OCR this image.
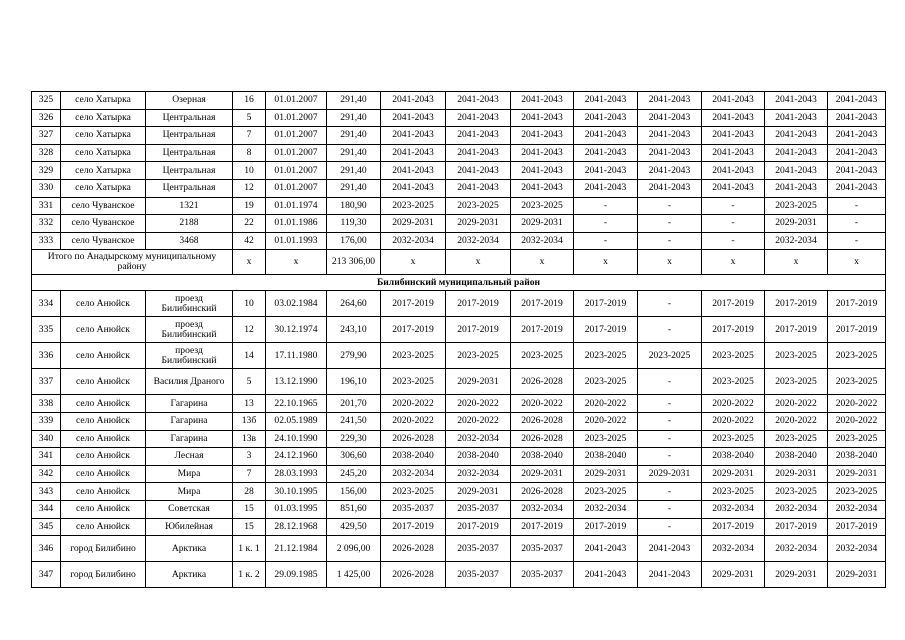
325	село Хатырка	Озерная	16	01.01.2007	291,40	2041-2043	2041-2043	2041-2043	2041-2043	2041-2043	2041-2043	2041-2043	2041-2043
326	село Хатырка	Центральная	5	01.01.2007	291,40	2041-2043	2041-2043	2041-2043	2041-2043	2041-2043	2041-2043	2041-2043	2041-2043
327	село Хатырка	Центральная	7	01.01.2007	291,40	2041-2043	2041-2043	2041-2043	2041-2043	2041-2043	2041-2043	2041-2043	2041-2043
328	село Хатырка	Центральная	8	01.01.2007	291,40	2041-2043	2041-2043	2041-2043	2041-2043	2041-2043	2041-2043	2041-2043	2041-2043
329	село Хатырка	Центральная	10	01.01.2007	291,40	2041-2043	2041-2043	2041-2043	2041-2043	2041-2043	2041-2043	2041-2043	2041-2043
330	село Хатырка	Центральная	12	01.01.2007	291,40	2041-2043	2041-2043	2041-2043	2041-2043	2041-2043	2041-2043	2041-2043	2041-2043
331	село Чуванское	1321	19	01.01.1974	180,90	2023-2025	2023-2025	2023-2025	-	-	-	2023-2025	-
332	село Чуванское	2188	22	01.01.1986	119,30	2029-2031	2029-2031	2029-2031	-	-	-	2029-2031	-
333	село Чуванское	3468	42	01.01.1993	176,00	2032-2034	2032-2034	2032-2034	-	-	-	2032-2034	-
Итого по Анадырскому муниципальному району			х	х	213 306,00	х	х	х	х	х	х	х	х
Билибинский муниципальный район													
334	село Анюйск	проезд Билибинский	10	03.02.1984	264,60	2017-2019	2017-2019	2017-2019	2017-2019	-	2017-2019	2017-2019	2017-2019
335	село Анюйск	проезд Билибинский	12	30.12.1974	243,10	2017-2019	2017-2019	2017-2019	2017-2019	-	2017-2019	2017-2019	2017-2019
336	село Анюйск	проезд Билибинский	14	17.11.1980	279,90	2023-2025	2023-2025	2023-2025	2023-2025	2023-2025	2023-2025	2023-2025	2023-2025
337	село Анюйск	Василия Драного	5	13.12.1990	196,10	2023-2025	2029-2031	2026-2028	2023-2025	-	2023-2025	2023-2025	2023-2025
338	село Анюйск	Гагарина	13	22.10.1965	201,70	2020-2022	2020-2022	2020-2022	2020-2022	-	2020-2022	2020-2022	2020-2022
339	село Анюйск	Гагарина	13б	02.05.1989	241,50	2020-2022	2020-2022	2026-2028	2020-2022	-	2020-2022	2020-2022	2020-2022
340	село Анюйск	Гагарина	13в	24.10.1990	229,30	2026-2028	2032-2034	2026-2028	2023-2025	-	2023-2025	2023-2025	2023-2025
341	село Анюйск	Лесная	3	24.12.1960	306,60	2038-2040	2038-2040	2038-2040	2038-2040	-	2038-2040	2038-2040	2038-2040
342	село Анюйск	Мира	7	28.03.1993	245,20	2032-2034	2032-2034	2029-2031	2029-2031	2029-2031	2029-2031	2029-2031	2029-2031
343	село Анюйск	Мира	28	30.10.1995	156,00	2023-2025	2029-2031	2026-2028	2023-2025	-	2023-2025	2023-2025	2023-2025
344	село Анюйск	Советская	15	01.03.1995	851,60	2035-2037	2035-2037	2032-2034	2032-2034	-	2032-2034	2032-2034	2032-2034
345	село Анюйск	Юбилейная	15	28.12.1968	429,50	2017-2019	2017-2019	2017-2019	2017-2019	-	2017-2019	2017-2019	2017-2019
346	город Билибино	Арктика	1 к. 1	21.12.1984	2 096,00	2026-2028	2035-2037	2035-2037	2041-2043	2041-2043	2032-2034	2032-2034	2032-2034
347	город Билибино	Арктика	1 к. 2	29.09.1985	1 425,00	2026-2028	2035-2037	2035-2037	2041-2043	2041-2043	2029-2031	2029-2031	2029-2031
